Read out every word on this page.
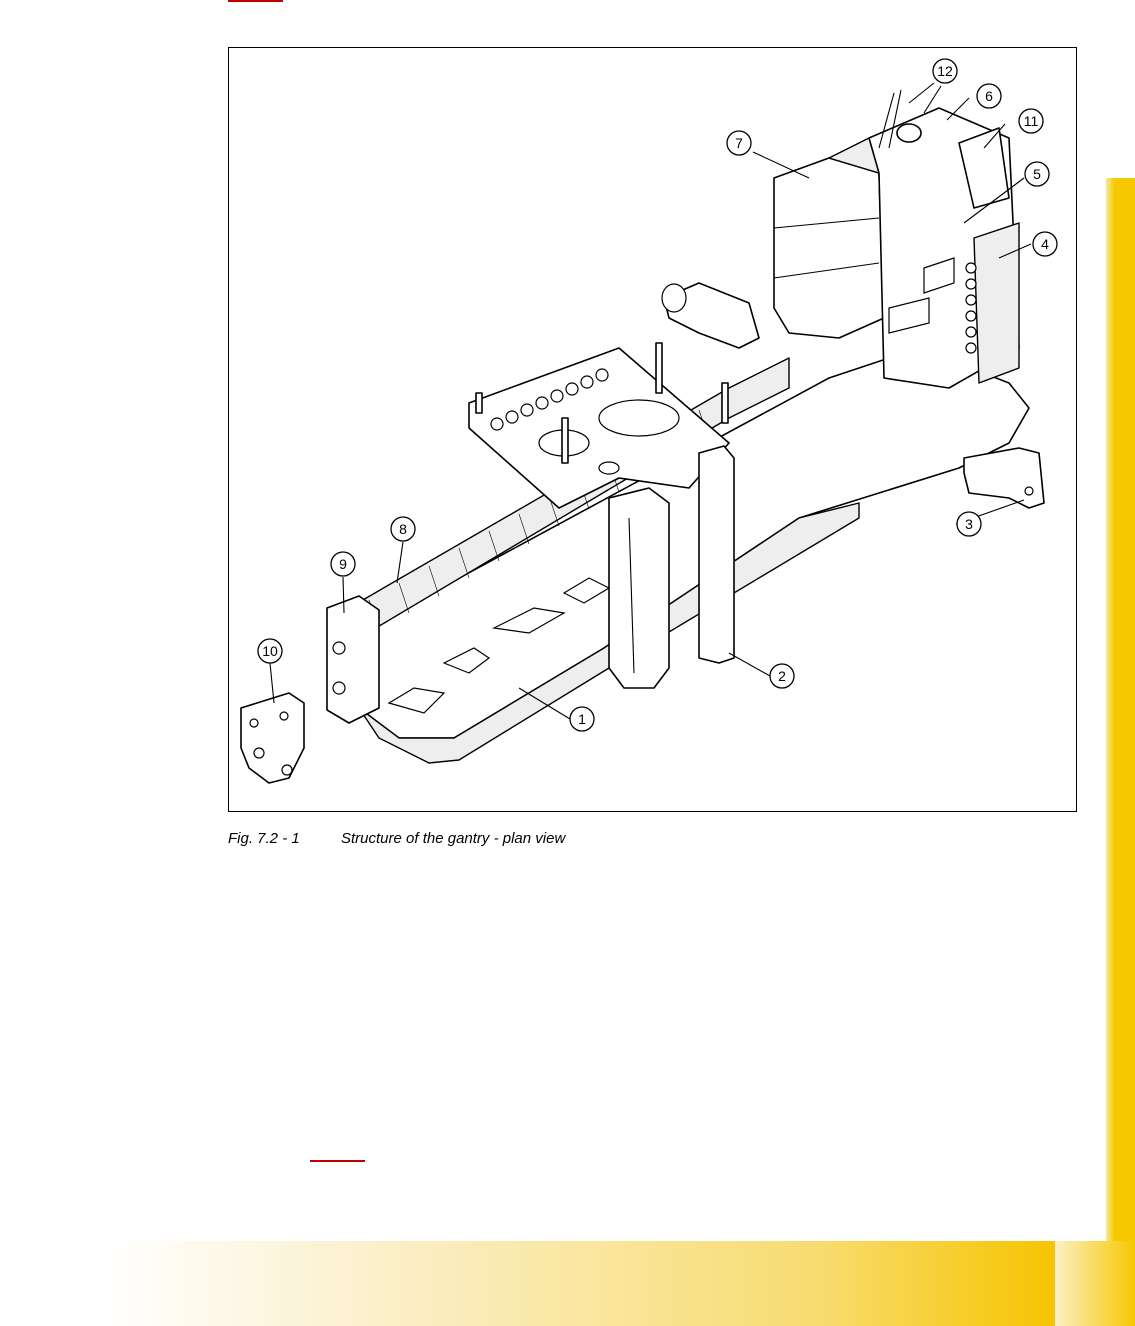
1
2
3
4
5
6
7
8
9
10
11
12
Fig. 7.2 - 1	Structure of the gantry - plan view
